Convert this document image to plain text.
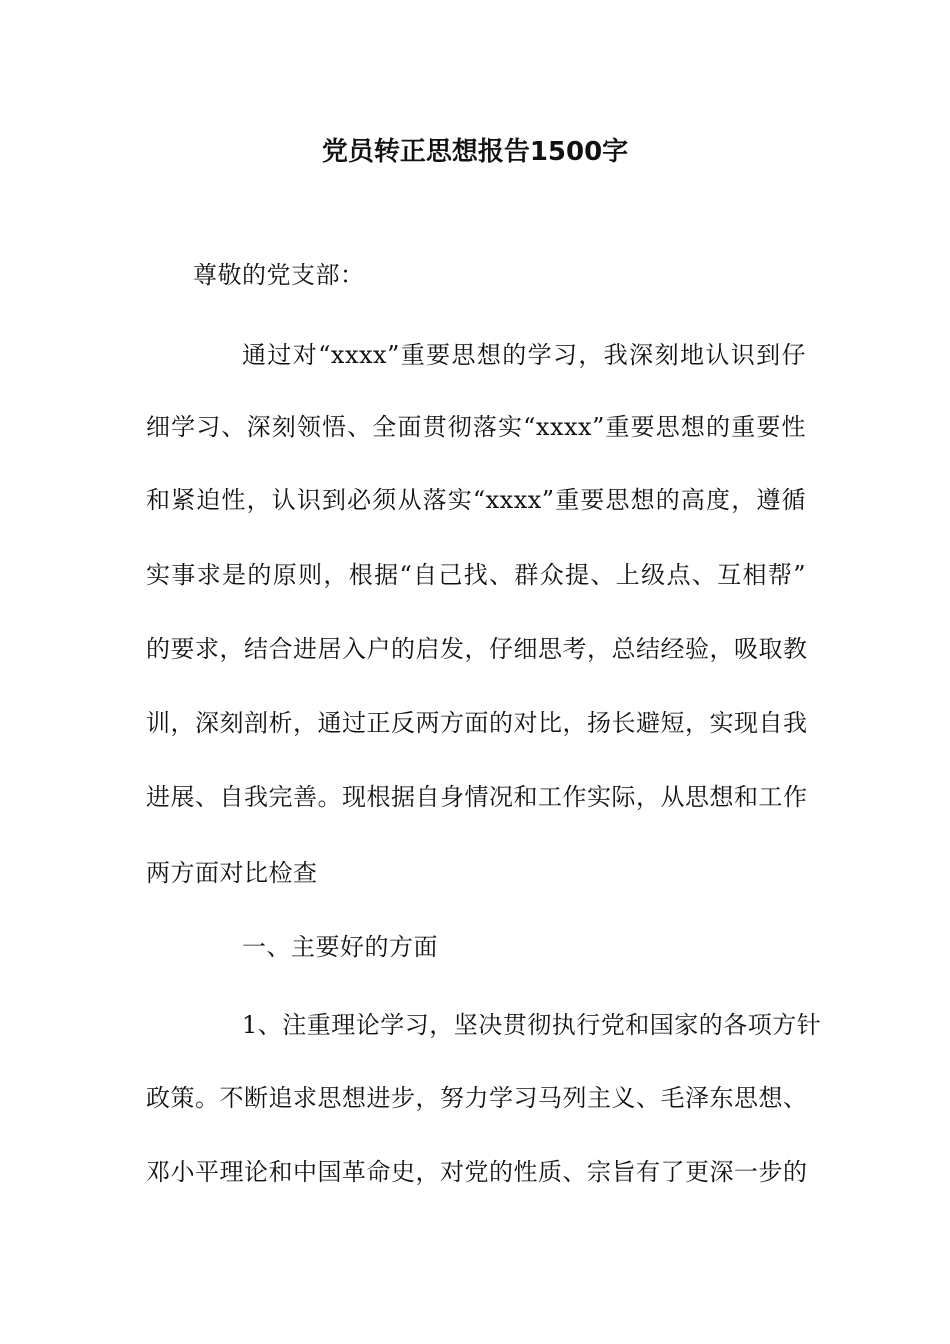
党员转正思想报告1500字
尊敬的党支部：
通过对“xxxx”重要思想的学习，我深刻地认识到仔
细学习、深刻领悟、全面贯彻落实“xxxx”重要思想的重要性
和紧迫性，认识到必须从落实“xxxx”重要思想的高度，遵循
实事求是的原则，根据“自己找、群众提、上级点、互相帮”
的要求，结合进居入户的启发，仔细思考，总结经验，吸取教
训，深刻剖析，通过正反两方面的对比，扬长避短，实现自我
进展、自我完善。现根据自身情况和工作实际，从思想和工作
两方面对比检查
一、主要好的方面
1、注重理论学习，坚决贯彻执行党和国家的各项方针
政策。不断追求思想进步，努力学习马列主义、毛泽东思想、
邓小平理论和中国革命史，对党的性质、宗旨有了更深一步的
